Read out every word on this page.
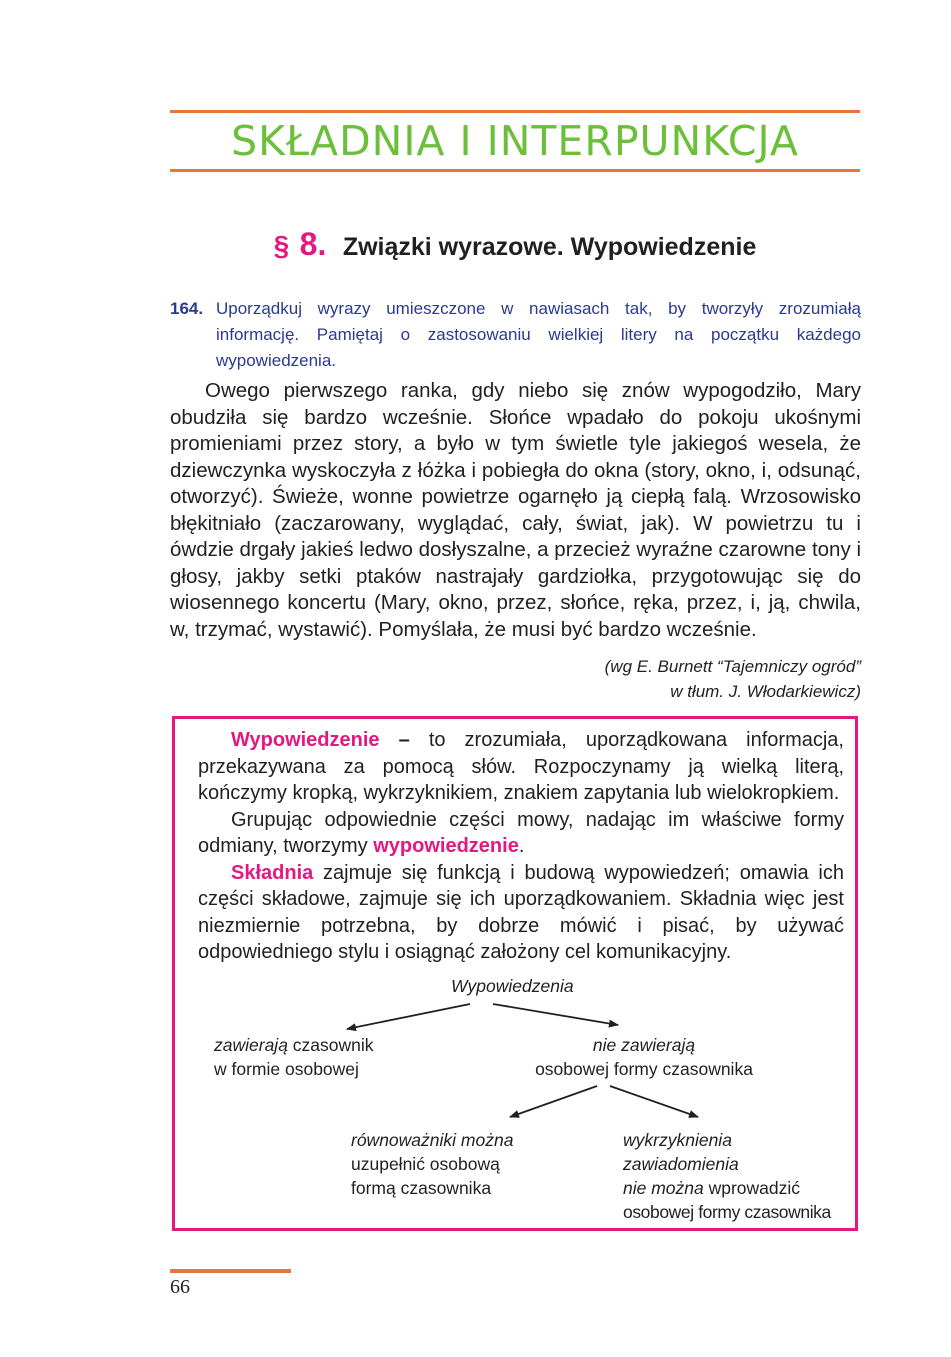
SKŁADNIA I INTERPUNKCJA
§ 8. Związki wyrazowe. Wypowiedzenie
164. Uporządkuj wyrazy umieszczone w nawiasach tak, by tworzyły zrozumiałą informację. Pamiętaj o zastosowaniu wielkiej litery na początku każdego wypowiedzenia.

Owego pierwszego ranka, gdy niebo się znów wypogodziło, Mary obudziła się bardzo wcześnie. Słońce wpadało do pokoju ukośnymi promieniami przez story, a było w tym świetle tyle jakiegoś wesela, że dziewczynka wyskoczyła z łóżka i pobiegła do okna (story, okno, i, odsunąć, otworzyć). Świeże, wonne powietrze ogarnęło ją ciepłą falą. Wrzosowisko błękitniało (zaczarowany, wyglądać, cały, świat, jak). W powietrzu tu i ówdzie drgały jakieś ledwo dosłyszalne, a przecież wyraźne czarowne tony i głosy, jakby setki ptaków nastrajały gardziołka, przygotowując się do wiosennego koncertu (Mary, okno, przez, słońce, ręka, przez, i, ją, chwila, w, trzymać, wystawić). Pomyślała, że musi być bardzo wcześnie.

(wg E. Burnett “Tajemniczy ogród”
w tłum. J. Włodarkiewicz)

Wypowiedzenie – to zrozumiała, uporządkowana informacja, przekazywana za pomocą słów. Rozpoczynamy ją wielką literą, kończymy kropką, wykrzyknikiem, znakiem zapytania lub wielokropkiem.

Grupując odpowiednie części mowy, nadając im właściwe formy odmiany, tworzymy wypowiedzenie.

Składnia zajmuje się funkcją i budową wypowiedzeń; omawia ich części składowe, zajmuje się ich uporządkowaniem. Składnia więc jest niezmiernie potrzebna, by dobrze mówić i pisać, by używać odpowiedniego stylu i osiągnąć założony cel komunikacyjny.

Wypowiedzenia
zawierają czasownik
w formie osobowej
nie zawierają
osobowej formy czasownika
równoważniki można
uzupełnić osobową
formą czasownika
wykrzyknienia
zawiadomienia
nie można wprowadzić
osobowej formy czasownika
66
